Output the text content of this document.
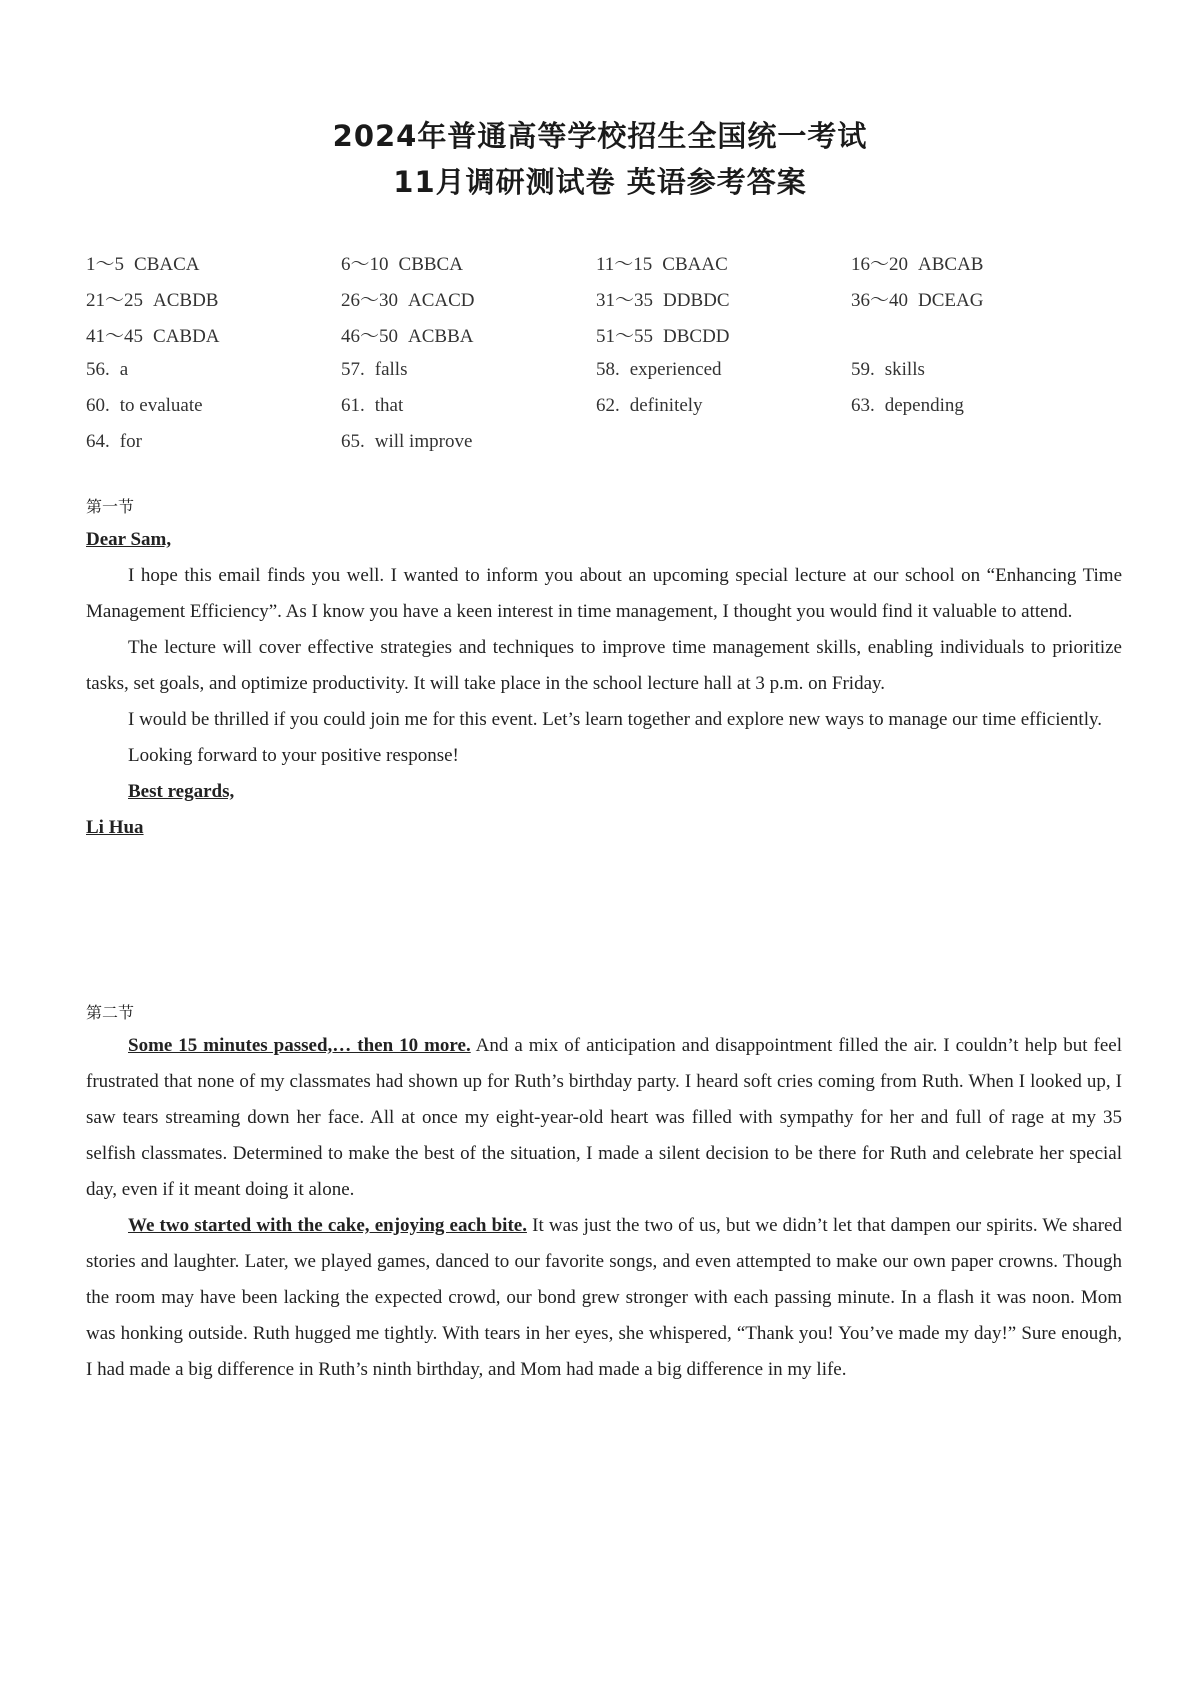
2024年普通高等学校招生全国统一考试
11月调研测试卷 英语参考答案
1～5 CBACA	6～10 CBBCA	11～15 CBAAC	16～20 ABCAB
21～25 ACBDB	26～30 ACACD	31～35 DDBDC	36～40 DCEAG
41～45 CABDA	46～50 ACBBA	51～55 DBCDD
56. a	57. falls	58. experienced	59. skills
60. to evaluate	61. that	62. definitely	63. depending
64. for	65. will improve
第一节

Dear Sam,

I hope this email finds you well. I wanted to inform you about an upcoming special lecture at our school on “Enhancing Time Management Efficiency”. As I know you have a keen interest in time management, I thought you would find it valuable to attend.

The lecture will cover effective strategies and techniques to improve time management skills, enabling individuals to prioritize tasks, set goals, and optimize productivity. It will take place in the school lecture hall at 3 p.m. on Friday.

I would be thrilled if you could join me for this event. Let’s learn together and explore new ways to manage our time efficiently.

Looking forward to your positive response!

Best regards,

Li Hua

第二节

Some 15 minutes passed,… then 10 more. And a mix of anticipation and disappointment filled the air. I couldn’t help but feel frustrated that none of my classmates had shown up for Ruth’s birthday party. I heard soft cries coming from Ruth. When I looked up, I saw tears streaming down her face. All at once my eight-year-old heart was filled with sympathy for her and full of rage at my 35 selfish classmates. Determined to make the best of the situation, I made a silent decision to be there for Ruth and celebrate her special day, even if it meant doing it alone.

We two started with the cake, enjoying each bite. It was just the two of us, but we didn’t let that dampen our spirits. We shared stories and laughter. Later, we played games, danced to our favorite songs, and even attempted to make our own paper crowns. Though the room may have been lacking the expected crowd, our bond grew stronger with each passing minute. In a flash it was noon. Mom was honking outside. Ruth hugged me tightly. With tears in her eyes, she whispered, “Thank you! You’ve made my day!” Sure enough, I had made a big difference in Ruth’s ninth birthday, and Mom had made a big difference in my life.
